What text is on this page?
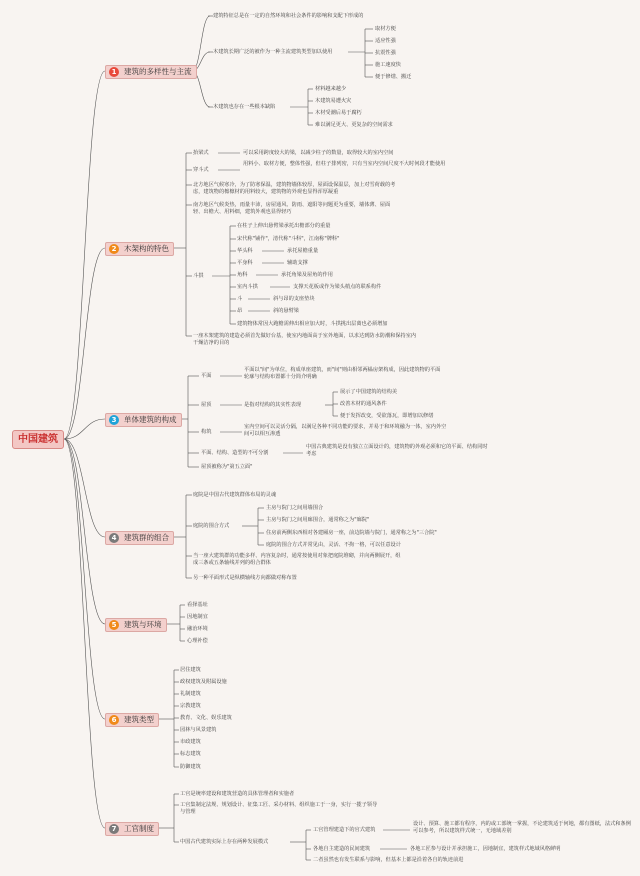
中国建筑
1	建筑的多样性与主流
2	木架构的特色
3	单体建筑的构成
4	建筑群的组合
5	建筑与环境
6	建筑类型
7	工官制度
建筑特征总是在一定的自然环境和社会条件的影响和支配下形成的
木建筑长期广泛的被作为一种主流建筑类型加以使用
取材方便
适应性强
抗震性强
施工速度快
便于修缮、搬迁
木建筑也存在一些根本缺陷
材料越来越少
木建筑易遭火灾
木材受潮后易于腐朽
难以满足更大、更复杂的空间需求
抬梁式	可以采用跨度较大的梁，以减少柱子的数量，取得较大的室内空间
穿斗式
用料小、取材方便，整体性强，但柱子排列密，只有当室内空间尺度不大时何段才能使用
北方地区气候寒冷，为了防寒保温，建筑物墙体较厚，屋面设保温层，加上对雪荷载的考虑，建筑物的檩檩材的用料较大，建筑物的外观也显得浑厚凝重
南方地区气候炎热，雨量丰沛，房屋通风、防雨、遮阳等问题更为重要，墙体薄、屋面轻、出檐大、用料细，建筑外观也显得轻巧
斗拱
在柱子上伸出悬臂梁承托出檐部分的重量
宋代称"铺作"，清代称"斗科"，江南称"牌科"
华头科	承托屋檐重量
平身科	辅助支撑
角科	承托角梁及屋角的作用
室内斗拱	支撑天花板或作为梁头梢点的联系构件
斗	斜与昂的支座垫块
昂	斜的悬臂梁
建筑物体常因大跑檐需伸出相应加大时，斗拱挑出层离也必须增加
一座木架建筑的建造必须首先做好台基，使室内地面高于室外地面，以求达到防水防潮和保持室内干燥洁净的目的
平面
平面以"间"为单位，构成单座建筑，而"间"则由相邻两榀房架构成，因此建筑物的平面轮廓与结构布置都十分简介明确
屋顶	是指对结构的其实性表现
展示了中国建筑的结构美
改善木材的通风条件
便于发挥改变，受欲落瓦，即增加以修缮
构筑
室内空间可以灵活分隔，以满足各种不同功能的要求，并易于和环境融为一体，室内外空间可以相互渗透
平面、结构、造型的不可分割
中国古典建筑是没有独立立面设计的，建筑物的外观必须和它的平面、结构同时考虑
屋顶被称为"第五立面"
庭院是中国古代建筑群体布局的灵魂
庭院的围合方式
主房与院门之间用墙围合
主房与院门之间用廊围合，通常称之为"廊院"
住房前两侧东西相对各建厢房一座，前边院墙与院门，通常称之为"三合院"
庭院的围合方式并常见由，灵活、不拘一格，可以任意设计
当一座大建筑群的功能多样、内容复杂时，通常按使用对象把庭院堆砌，并向两侧展开，组成三条或五条轴线并列的组合群体
另一种平面形式是纵横轴线方向都做对称布置
看择基址
因地制宜
融治环境
心理补偿
居住建筑
政权建筑及附属设施
礼制建筑
宗教建筑
教育、文化、娱乐建筑
园林与风景建筑
市政建筑
标志建筑
防御建筑
工官是统率建设和建筑营造的具体管理者和实施者
工官集制定法规、规划设计、征集工匠、采办材料、组织施工于一身，实行一揽子领导与管理
中国古代建筑实际上存在两种发展模式
工官管理建造下的官式建筑
设计、预算、施工都有程序，内的或工部统一掌握，不论建筑适于何地，都有图纸，法式和条例可以参考，所以建筑样式统一，无地域差别
各地自主建造的民间建筑	各地工匠参与设计并承担施工，因地制宜，建筑样式地域风格鲜明
二者虽然也有发生联系与影响，但基本上都是沿着各自的轨迹前进
